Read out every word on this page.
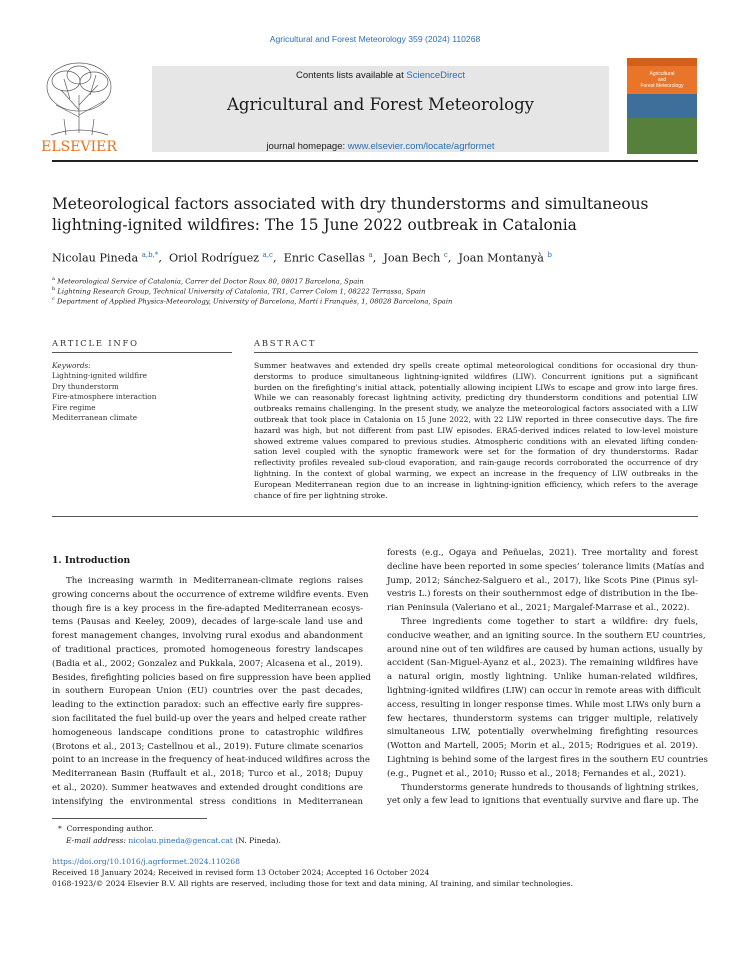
Agricultural and Forest Meteorology 359 (2024) 110268
ELSEVIER
Contents lists available at ScienceDirect
Agricultural and Forest Meteorology
journal homepage: www.elsevier.com/locate/agrformet
Agricultural
and
Forest Meteorology
Meteorological factors associated with dry thunderstorms and simultaneous
lightning-ignited wildfires: The 15 June 2022 outbreak in Catalonia
Nicolau Pineda $^{a,b,*}$,  Oriol Rodríguez $^{a,c}$,  Enric Casellas $^a$,  Joan Bech $^c$,  Joan Montanyà $^b$
$^a$ Meteorological Service of Catalonia, Carrer del Doctor Roux 80, 08017 Barcelona, Spain
$^b$ Lightning Research Group, Technical University of Catalonia, TR1, Carrer Colom 1, 08222 Terrassa, Spain
$^c$ Department of Applied Physics-Meteorology, University of Barcelona, Martí i Franquès, 1, 08028 Barcelona, Spain
ARTICLE INFO	ABSTRACT
Keywords:
Lightning-ignited wildfire
Dry thunderstorm
Fire-atmosphere interaction
Fire regime
Mediterranean climate
Summer heatwaves and extended dry spells create optimal meteorological conditions for occasional dry thun-
derstorms to produce simultaneous lightning-ignited wildfires (LIW). Concurrent ignitions put a significant
burden on the firefighting’s initial attack, potentially allowing incipient LIWs to escape and grow into large fires.
While we can reasonably forecast lightning activity, predicting dry thunderstorm conditions and potential LIW
outbreaks remains challenging. In the present study, we analyze the meteorological factors associated with a LIW
outbreak that took place in Catalonia on 15 June 2022, with 22 LIW reported in three consecutive days. The fire
hazard was high, but not different from past LIW episodes. ERA5-derived indices related to low-level moisture
showed extreme values compared to previous studies. Atmospheric conditions with an elevated lifting conden-
sation level coupled with the synoptic framework were set for the formation of dry thunderstorms. Radar
reflectivity profiles revealed sub-cloud evaporation, and rain-gauge records corroborated the occurrence of dry
lightning. In the context of global warming, we expect an increase in the frequency of LIW outbreaks in the
European Mediterranean region due to an increase in lightning-ignition efficiency, which refers to the average
chance of fire per lightning stroke.
1. Introduction
The increasing warmth in Mediterranean-climate regions raises
growing concerns about the occurrence of extreme wildfire events. Even
though fire is a key process in the fire-adapted Mediterranean ecosys-
tems (Pausas and Keeley, 2009), decades of large-scale land use and
forest management changes, involving rural exodus and abandonment
of traditional practices, promoted homogeneous forestry landscapes
(Badia et al., 2002; Gonzalez and Pukkala, 2007; Alcasena et al., 2019).
Besides, firefighting policies based on fire suppression have been applied
in southern European Union (EU) countries over the past decades,
leading to the extinction paradox: such an effective early fire suppres-
sion facilitated the fuel build-up over the years and helped create rather
homogeneous landscape conditions prone to catastrophic wildfires
(Brotons et al., 2013; Castellnou et al., 2019). Future climate scenarios
point to an increase in the frequency of heat-induced wildfires across the
Mediterranean Basin (Ruffault et al., 2018; Turco et al., 2018; Dupuy
et al., 2020). Summer heatwaves and extended drought conditions are
intensifying the environmental stress conditions in Mediterranean
forests (e.g., Ogaya and Peñuelas, 2021). Tree mortality and forest
decline have been reported in some species’ tolerance limits (Matías and
Jump, 2012; Sánchez-Salguero et al., 2017), like Scots Pine (Pinus syl-
vestris L.) forests on their southernmost edge of distribution in the Ibe-
rian Peninsula (Valeriano et al., 2021; Margalef-Marrase et al., 2022).
Three ingredients come together to start a wildfire: dry fuels,
conducive weather, and an igniting source. In the southern EU countries,
around nine out of ten wildfires are caused by human actions, usually by
accident (San-Miguel-Ayanz et al., 2023). The remaining wildfires have
a natural origin, mostly lightning. Unlike human-related wildfires,
lightning-ignited wildfires (LIW) can occur in remote areas with difficult
access, resulting in longer response times. While most LIWs only burn a
few hectares, thunderstorm systems can trigger multiple, relatively
simultaneous LIW, potentially overwhelming firefighting resources
(Wotton and Martell, 2005; Morin et al., 2015; Rodrigues et al. 2019).
Lightning is behind some of the largest fires in the southern EU countries
(e.g., Pugnet et al., 2010; Russo et al., 2018; Fernandes et al., 2021).
Thunderstorms generate hundreds to thousands of lightning strikes,
yet only a few lead to ignitions that eventually survive and flare up. The
*  Corresponding author.
E-mail address: nicolau.pineda@gencat.cat (N. Pineda).
https://doi.org/10.1016/j.agrformet.2024.110268
Received 18 January 2024; Received in revised form 13 October 2024; Accepted 16 October 2024
0168-1923/© 2024 Elsevier B.V. All rights are reserved, including those for text and data mining, AI training, and similar technologies.
